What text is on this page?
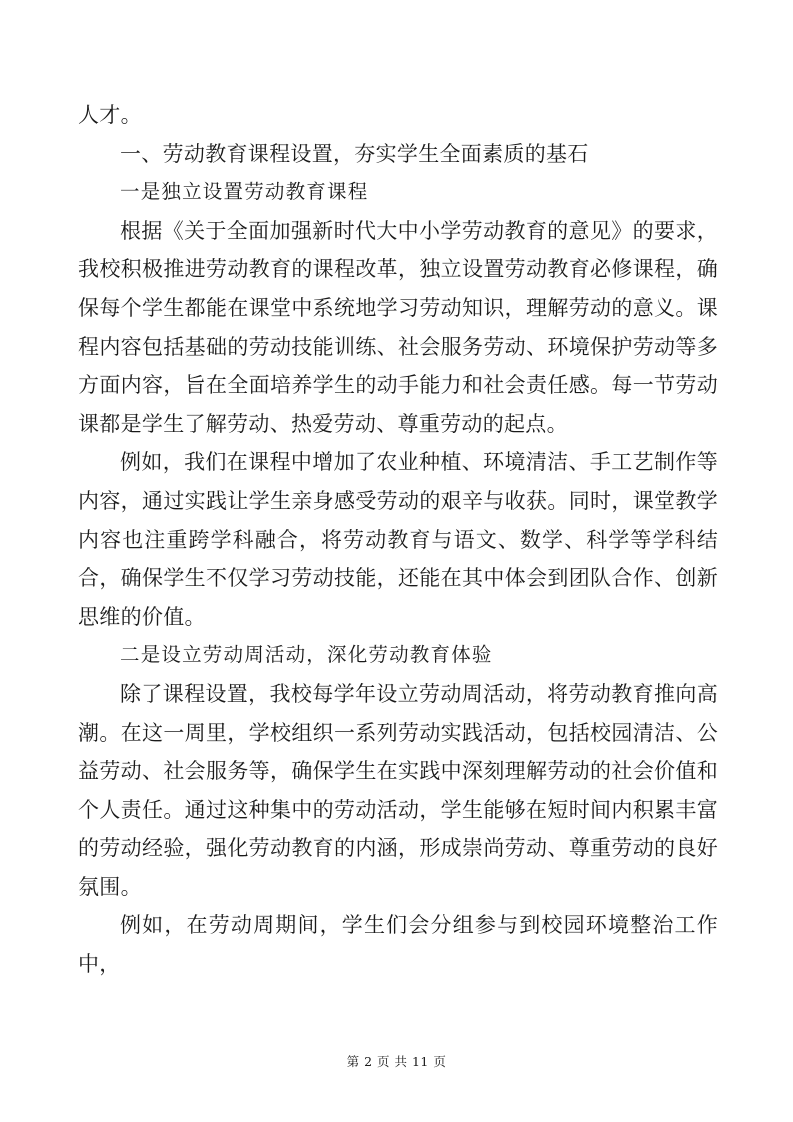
人才。

一、劳动教育课程设置，夯实学生全面素质的基石

一是独立设置劳动教育课程

根据《关于全面加强新时代大中小学劳动教育的意见》的要求，我校积极推进劳动教育的课程改革，独立设置劳动教育必修课程，确保每个学生都能在课堂中系统地学习劳动知识，理解劳动的意义。课程内容包括基础的劳动技能训练、社会服务劳动、环境保护劳动等多方面内容，旨在全面培养学生的动手能力和社会责任感。每一节劳动课都是学生了解劳动、热爱劳动、尊重劳动的起点。

例如，我们在课程中增加了农业种植、环境清洁、手工艺制作等内容，通过实践让学生亲身感受劳动的艰辛与收获。同时，课堂教学内容也注重跨学科融合，将劳动教育与语文、数学、科学等学科结合，确保学生不仅学习劳动技能，还能在其中体会到团队合作、创新思维的价值。

二是设立劳动周活动，深化劳动教育体验

除了课程设置，我校每学年设立劳动周活动，将劳动教育推向高潮。在这一周里，学校组织一系列劳动实践活动，包括校园清洁、公益劳动、社会服务等，确保学生在实践中深刻理解劳动的社会价值和个人责任。通过这种集中的劳动活动，学生能够在短时间内积累丰富的劳动经验，强化劳动教育的内涵，形成崇尚劳动、尊重劳动的良好氛围。

例如，在劳动周期间，学生们会分组参与到校园环境整治工作中，

第 2 页 共 11 页
